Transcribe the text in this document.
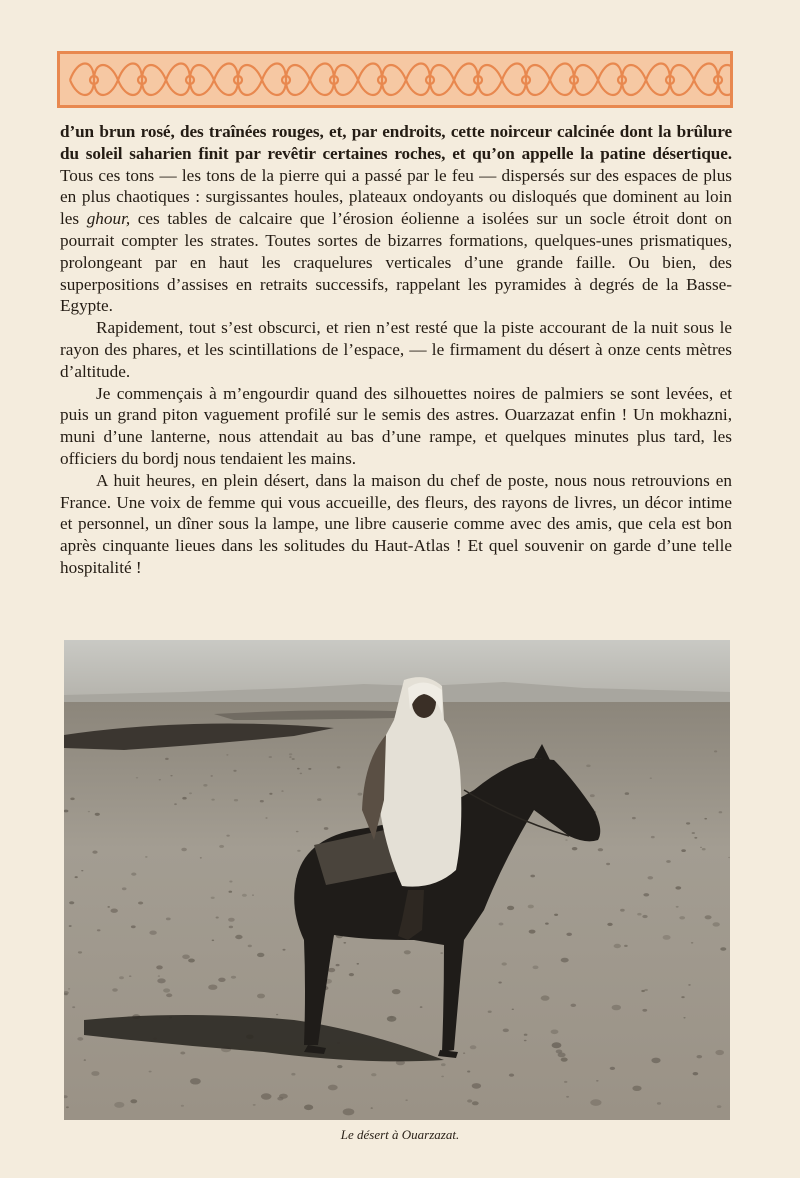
d’un brun rosé, des traînées rouges, et, par endroits, cette noirceur calcinée dont la brûlure du soleil saharien finit par revêtir certaines roches, et qu’on appelle la patine désertique. Tous ces tons — les tons de la pierre qui a passé par le feu — dispersés sur des espaces de plus en plus chaotiques : surgissantes houles, plateaux ondoyants ou disloqués que dominent au loin les ghour, ces tables de calcaire que l’érosion éolienne a isolées sur un socle étroit dont on pourrait compter les strates. Toutes sortes de bizarres formations, quelques-unes prismatiques, prolongeant par en haut les craquelures verticales d’une grande faille. Ou bien, des superpositions d’assises en retraits successifs, rappelant les pyramides à degrés de la Basse-Egypte.

Rapidement, tout s’est obscurci, et rien n’est resté que la piste accourant de la nuit sous le rayon des phares, et les scintillations de l’espace, — le firmament du désert à onze cents mètres d’altitude.

Je commençais à m’engourdir quand des silhouettes noires de palmiers se sont levées, et puis un grand piton vaguement profilé sur le semis des astres. Ouarzazat enfin ! Un mokhazni, muni d’une lanterne, nous attendait au bas d’une rampe, et quelques minutes plus tard, les officiers du bordj nous tendaient les mains.

A huit heures, en plein désert, dans la maison du chef de poste, nous nous retrouvions en France. Une voix de femme qui vous accueille, des fleurs, des rayons de livres, un décor intime et personnel, un dîner sous la lampe, une libre causerie comme avec des amis, que cela est bon après cinquante lieues dans les solitudes du Haut-Atlas ! Et quel souvenir on garde d’une telle hospitalité !

Le désert à Ouarzazat.
